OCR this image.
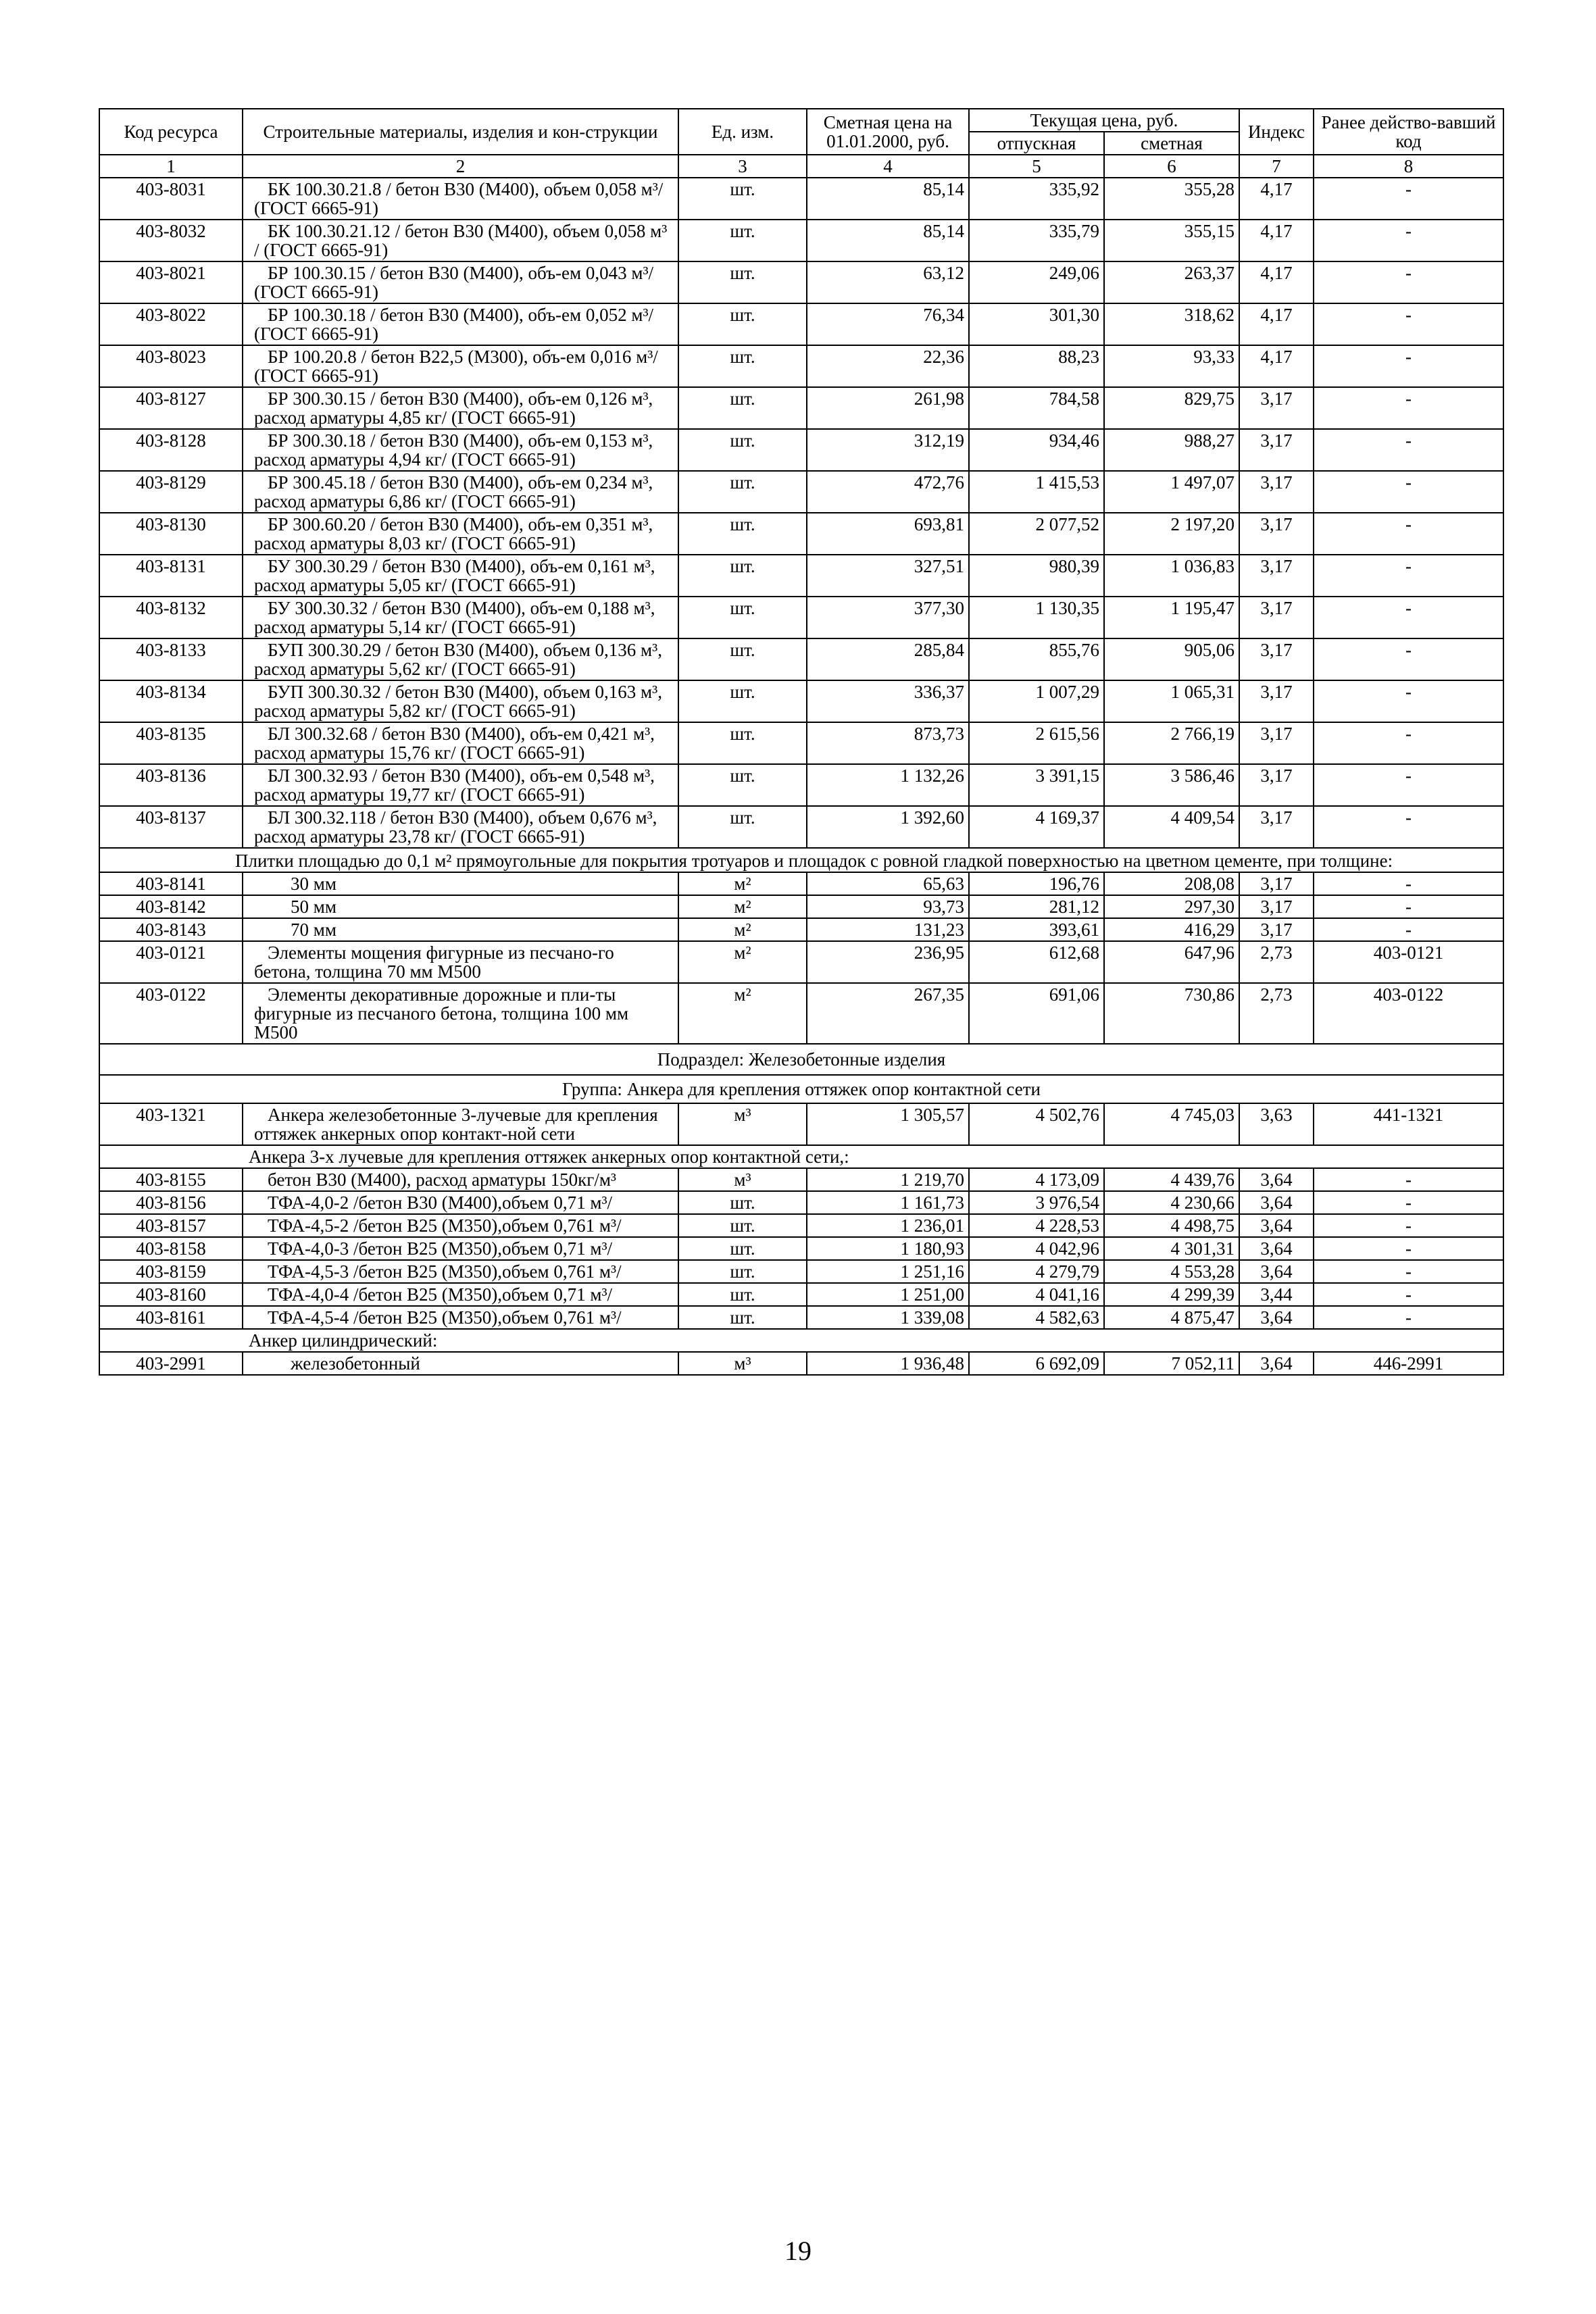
Код ресурса	Строительные материалы, изделия и кон-струкции	Ед. изм.	Сметная цена на 01.01.2000, руб.	Текущая цена, руб.		Индекс	Ранее действо-вавший код
				отпускная	сметная		
1	2	3	4	5	6	7	8
403-8031	БК 100.30.21.8 / бетон В30 (М400), объем 0,058 м³/ (ГОСТ 6665-91)	шт.	85,14	335,92	355,28	4,17	-
403-8032	БК 100.30.21.12 / бетон В30 (М400), объем 0,058 м³ / (ГОСТ 6665-91)	шт.	85,14	335,79	355,15	4,17	-
403-8021	БР 100.30.15 / бетон В30 (М400), объ-ем 0,043 м³/ (ГОСТ 6665-91)	шт.	63,12	249,06	263,37	4,17	-
403-8022	БР 100.30.18 / бетон В30 (М400), объ-ем 0,052 м³/ (ГОСТ 6665-91)	шт.	76,34	301,30	318,62	4,17	-
403-8023	БР 100.20.8 / бетон В22,5 (М300), объ-ем 0,016 м³/ (ГОСТ 6665-91)	шт.	22,36	88,23	93,33	4,17	-
403-8127	БР 300.30.15 / бетон В30 (М400), объ-ем 0,126 м³, расход арматуры 4,85 кг/ (ГОСТ 6665-91)	шт.	261,98	784,58	829,75	3,17	-
403-8128	БР 300.30.18 / бетон В30 (М400), объ-ем 0,153 м³, расход арматуры 4,94 кг/ (ГОСТ 6665-91)	шт.	312,19	934,46	988,27	3,17	-
403-8129	БР 300.45.18 / бетон В30 (М400), объ-ем 0,234 м³, расход арматуры 6,86 кг/ (ГОСТ 6665-91)	шт.	472,76	1 415,53	1 497,07	3,17	-
403-8130	БР 300.60.20 / бетон В30 (М400), объ-ем 0,351 м³, расход арматуры 8,03 кг/ (ГОСТ 6665-91)	шт.	693,81	2 077,52	2 197,20	3,17	-
403-8131	БУ 300.30.29 / бетон В30 (М400), объ-ем 0,161 м³, расход арматуры 5,05 кг/ (ГОСТ 6665-91)	шт.	327,51	980,39	1 036,83	3,17	-
403-8132	БУ 300.30.32 / бетон В30 (М400), объ-ем 0,188 м³, расход арматуры 5,14 кг/ (ГОСТ 6665-91)	шт.	377,30	1 130,35	1 195,47	3,17	-
403-8133	БУП 300.30.29 / бетон В30 (М400), объем 0,136 м³, расход арматуры 5,62 кг/ (ГОСТ 6665-91)	шт.	285,84	855,76	905,06	3,17	-
403-8134	БУП 300.30.32 / бетон В30 (М400), объем 0,163 м³, расход арматуры 5,82 кг/ (ГОСТ 6665-91)	шт.	336,37	1 007,29	1 065,31	3,17	-
403-8135	БЛ 300.32.68 / бетон В30 (М400), объ-ем 0,421 м³, расход арматуры 15,76 кг/ (ГОСТ 6665-91)	шт.	873,73	2 615,56	2 766,19	3,17	-
403-8136	БЛ 300.32.93 / бетон В30 (М400), объ-ем 0,548 м³, расход арматуры 19,77 кг/ (ГОСТ 6665-91)	шт.	1 132,26	3 391,15	3 586,46	3,17	-
403-8137	БЛ 300.32.118 / бетон В30 (М400), объем 0,676 м³, расход арматуры 23,78 кг/ (ГОСТ 6665-91)	шт.	1 392,60	4 169,37	4 409,54	3,17	-
Плитки площадью до 0,1 м² прямоугольные для покрытия тротуаров и площадок с ровной гладкой поверхностью на цветном цементе, при толщине:							
403-8141	30 мм	м²	65,63	196,76	208,08	3,17	-
403-8142	50 мм	м²	93,73	281,12	297,30	3,17	-
403-8143	70 мм	м²	131,23	393,61	416,29	3,17	-
403-0121	Элементы мощения фигурные из песчано-го бетона, толщина 70 мм М500	м²	236,95	612,68	647,96	2,73	403-0121
403-0122	Элементы декоративные дорожные и пли-ты фигурные из песчаного бетона, толщина 100 мм М500	м²	267,35	691,06	730,86	2,73	403-0122
Подраздел: Железобетонные изделия							
Группа: Анкера для крепления оттяжек опор контактной сети							
403-1321	Анкера железобетонные 3-лучевые для крепления оттяжек анкерных опор контакт-ной сети	м³	1 305,57	4 502,76	4 745,03	3,63	441-1321
Анкера 3-х лучевые для крепления оттяжек анкерных опор контактной сети,:							
403-8155	бетон В30 (М400), расход арматуры 150кг/м³	м³	1 219,70	4 173,09	4 439,76	3,64	-
403-8156	ТФА-4,0-2 /бетон В30 (М400),объем 0,71 м³/	шт.	1 161,73	3 976,54	4 230,66	3,64	-
403-8157	ТФА-4,5-2 /бетон В25 (М350),объем 0,761 м³/	шт.	1 236,01	4 228,53	4 498,75	3,64	-
403-8158	ТФА-4,0-3 /бетон В25 (М350),объем 0,71 м³/	шт.	1 180,93	4 042,96	4 301,31	3,64	-
403-8159	ТФА-4,5-3 /бетон В25 (М350),объем 0,761 м³/	шт.	1 251,16	4 279,79	4 553,28	3,64	-
403-8160	ТФА-4,0-4 /бетон В25 (М350),объем 0,71 м³/	шт.	1 251,00	4 041,16	4 299,39	3,44	-
403-8161	ТФА-4,5-4 /бетон В25 (М350),объем 0,761 м³/	шт.	1 339,08	4 582,63	4 875,47	3,64	-
Анкер цилиндрический:							
403-2991	железобетонный	м³	1 936,48	6 692,09	7 052,11	3,64	446-2991
19
